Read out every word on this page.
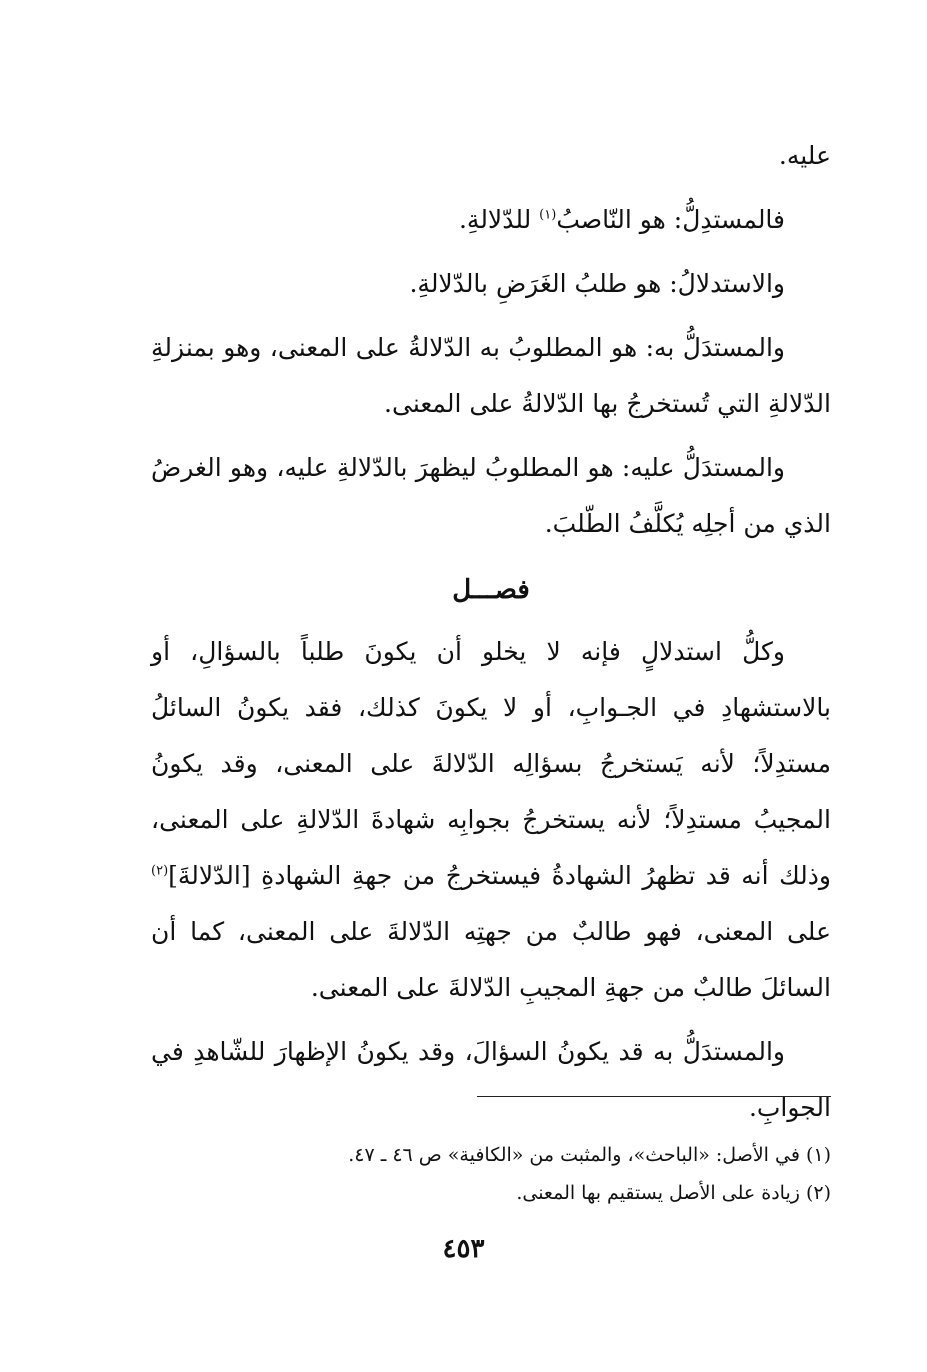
عليه.

فالمستدِلُّ: هو النّاصبُ$^{(١)}$ للدّلالةِ.

والاستدلالُ: هو طلبُ الغَرَضِ بالدّلالةِ.

والمستدَلُّ به: هو المطلوبُ به الدّلالةُ على المعنى، وهو بمنزلةِ الدّلالةِ التي تُستخرجُ بها الدّلالةُ على المعنى.

والمستدَلُّ عليه: هو المطلوبُ ليظهرَ بالدّلالةِ عليه، وهو الغرضُ الذي من أجلِه يُكلَّفُ الطّلبَ.

فصـــل

وكلُّ استدلالٍ فإنه لا يخلو أن يكونَ طلباً بالسؤالِ، أو بالاستشهادِ في الجـوابِ، أو لا يكونَ كذلك، فقد يكونُ السائلُ مستدِلاً؛ لأنه يَستخرجُ بسؤالِه الدّلالةَ على المعنى، وقد يكونُ المجيبُ مستدِلاً؛ لأنه يستخرجُ بجوابِه شهادةَ الدّلالةِ على المعنى، وذلك أنه قد تظهرُ الشهادةُ فيستخرجُ من جهةِ الشهادةِ [الدّلالةَ]$^{(٢)}$ على المعنى، فهو طالبٌ من جهتِه الدّلالةَ على المعنى، كما أن السائلَ طالبٌ من جهةِ المجيبِ الدّلالةَ على المعنى.

والمستدَلُّ به قد يكونُ السؤالَ، وقد يكونُ الإظهارَ للشّاهدِ في الجوابِ.

(١) في الأصل: «الباحث»، والمثبت من «الكافية» ص ٤٦ ـ ٤٧.

(٢) زيادة على الأصل يستقيم بها المعنى.

٤٥٣
